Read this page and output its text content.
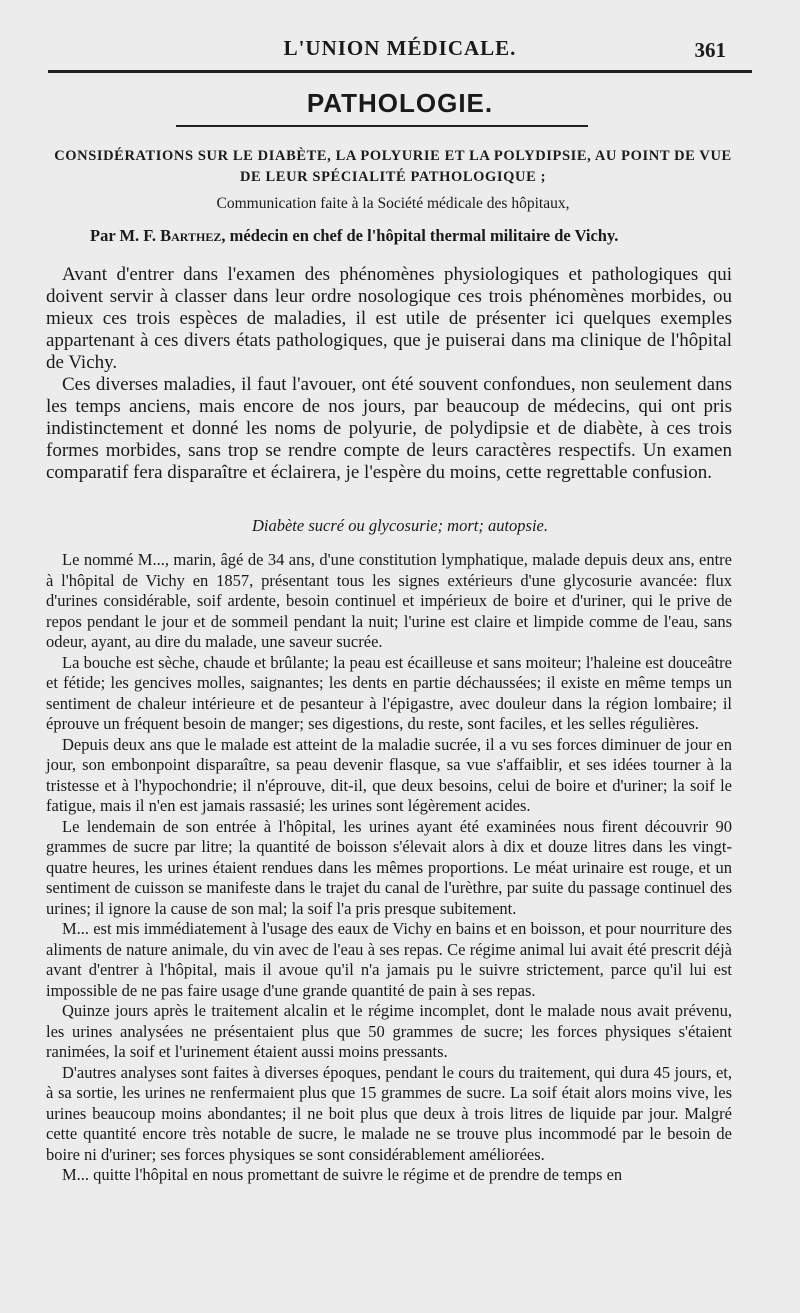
L'UNION MÉDICALE.	361
PATHOLOGIE.
CONSIDÉRATIONS SUR LE DIABÈTE, LA POLYURIE ET LA POLYDIPSIE, AU POINT DE VUE DE LEUR SPÉCIALITÉ PATHOLOGIQUE ;
Communication faite à la Société médicale des hôpitaux,
Par M. F. Barthez, médecin en chef de l'hôpital thermal militaire de Vichy.

Avant d'entrer dans l'examen des phénomènes physiologiques et pathologiques qui doivent servir à classer dans leur ordre nosologique ces trois phénomènes morbides, ou mieux ces trois espèces de maladies, il est utile de présenter ici quelques exemples appartenant à ces divers états pathologiques, que je puiserai dans ma clinique de l'hôpital de Vichy.

Ces diverses maladies, il faut l'avouer, ont été souvent confondues, non seulement dans les temps anciens, mais encore de nos jours, par beaucoup de médecins, qui ont pris indistinctement et donné les noms de polyurie, de polydipsie et de diabète, à ces trois formes morbides, sans trop se rendre compte de leurs caractères respectifs. Un examen comparatif fera disparaître et éclairera, je l'espère du moins, cette regrettable confusion.

Diabète sucré ou glycosurie; mort; autopsie.

Le nommé M..., marin, âgé de 34 ans, d'une constitution lymphatique, malade depuis deux ans, entre à l'hôpital de Vichy en 1857, présentant tous les signes extérieurs d'une glycosurie avancée: flux d'urines considérable, soif ardente, besoin continuel et impérieux de boire et d'uriner, qui le prive de repos pendant le jour et de sommeil pendant la nuit; l'urine est claire et limpide comme de l'eau, sans odeur, ayant, au dire du malade, une saveur sucrée.

La bouche est sèche, chaude et brûlante; la peau est écailleuse et sans moiteur; l'haleine est douceâtre et fétide; les gencives molles, saignantes; les dents en partie déchaussées; il existe en même temps un sentiment de chaleur intérieure et de pesanteur à l'épigastre, avec douleur dans la région lombaire; il éprouve un fréquent besoin de manger; ses digestions, du reste, sont faciles, et les selles régulières.

Depuis deux ans que le malade est atteint de la maladie sucrée, il a vu ses forces diminuer de jour en jour, son embonpoint disparaître, sa peau devenir flasque, sa vue s'affaiblir, et ses idées tourner à la tristesse et à l'hypochondrie; il n'éprouve, dit-il, que deux besoins, celui de boire et d'uriner; la soif le fatigue, mais il n'en est jamais rassasié; les urines sont légèrement acides.

Le lendemain de son entrée à l'hôpital, les urines ayant été examinées nous firent découvrir 90 grammes de sucre par litre; la quantité de boisson s'élevait alors à dix et douze litres dans les vingt-quatre heures, les urines étaient rendues dans les mêmes proportions. Le méat urinaire est rouge, et un sentiment de cuisson se manifeste dans le trajet du canal de l'urèthre, par suite du passage continuel des urines; il ignore la cause de son mal; la soif l'a pris presque subitement.

M... est mis immédiatement à l'usage des eaux de Vichy en bains et en boisson, et pour nourriture des aliments de nature animale, du vin avec de l'eau à ses repas. Ce régime animal lui avait été prescrit déjà avant d'entrer à l'hôpital, mais il avoue qu'il n'a jamais pu le suivre strictement, parce qu'il lui est impossible de ne pas faire usage d'une grande quantité de pain à ses repas.

Quinze jours après le traitement alcalin et le régime incomplet, dont le malade nous avait prévenu, les urines analysées ne présentaient plus que 50 grammes de sucre; les forces physiques s'étaient ranimées, la soif et l'urinement étaient aussi moins pressants.

D'autres analyses sont faites à diverses époques, pendant le cours du traitement, qui dura 45 jours, et, à sa sortie, les urines ne renfermaient plus que 15 grammes de sucre. La soif était alors moins vive, les urines beaucoup moins abondantes; il ne boit plus que deux à trois litres de liquide par jour. Malgré cette quantité encore très notable de sucre, le malade ne se trouve plus incommodé par le besoin de boire ni d'uriner; ses forces physiques se sont considérablement améliorées.

M... quitte l'hôpital en nous promettant de suivre le régime et de prendre de temps en
